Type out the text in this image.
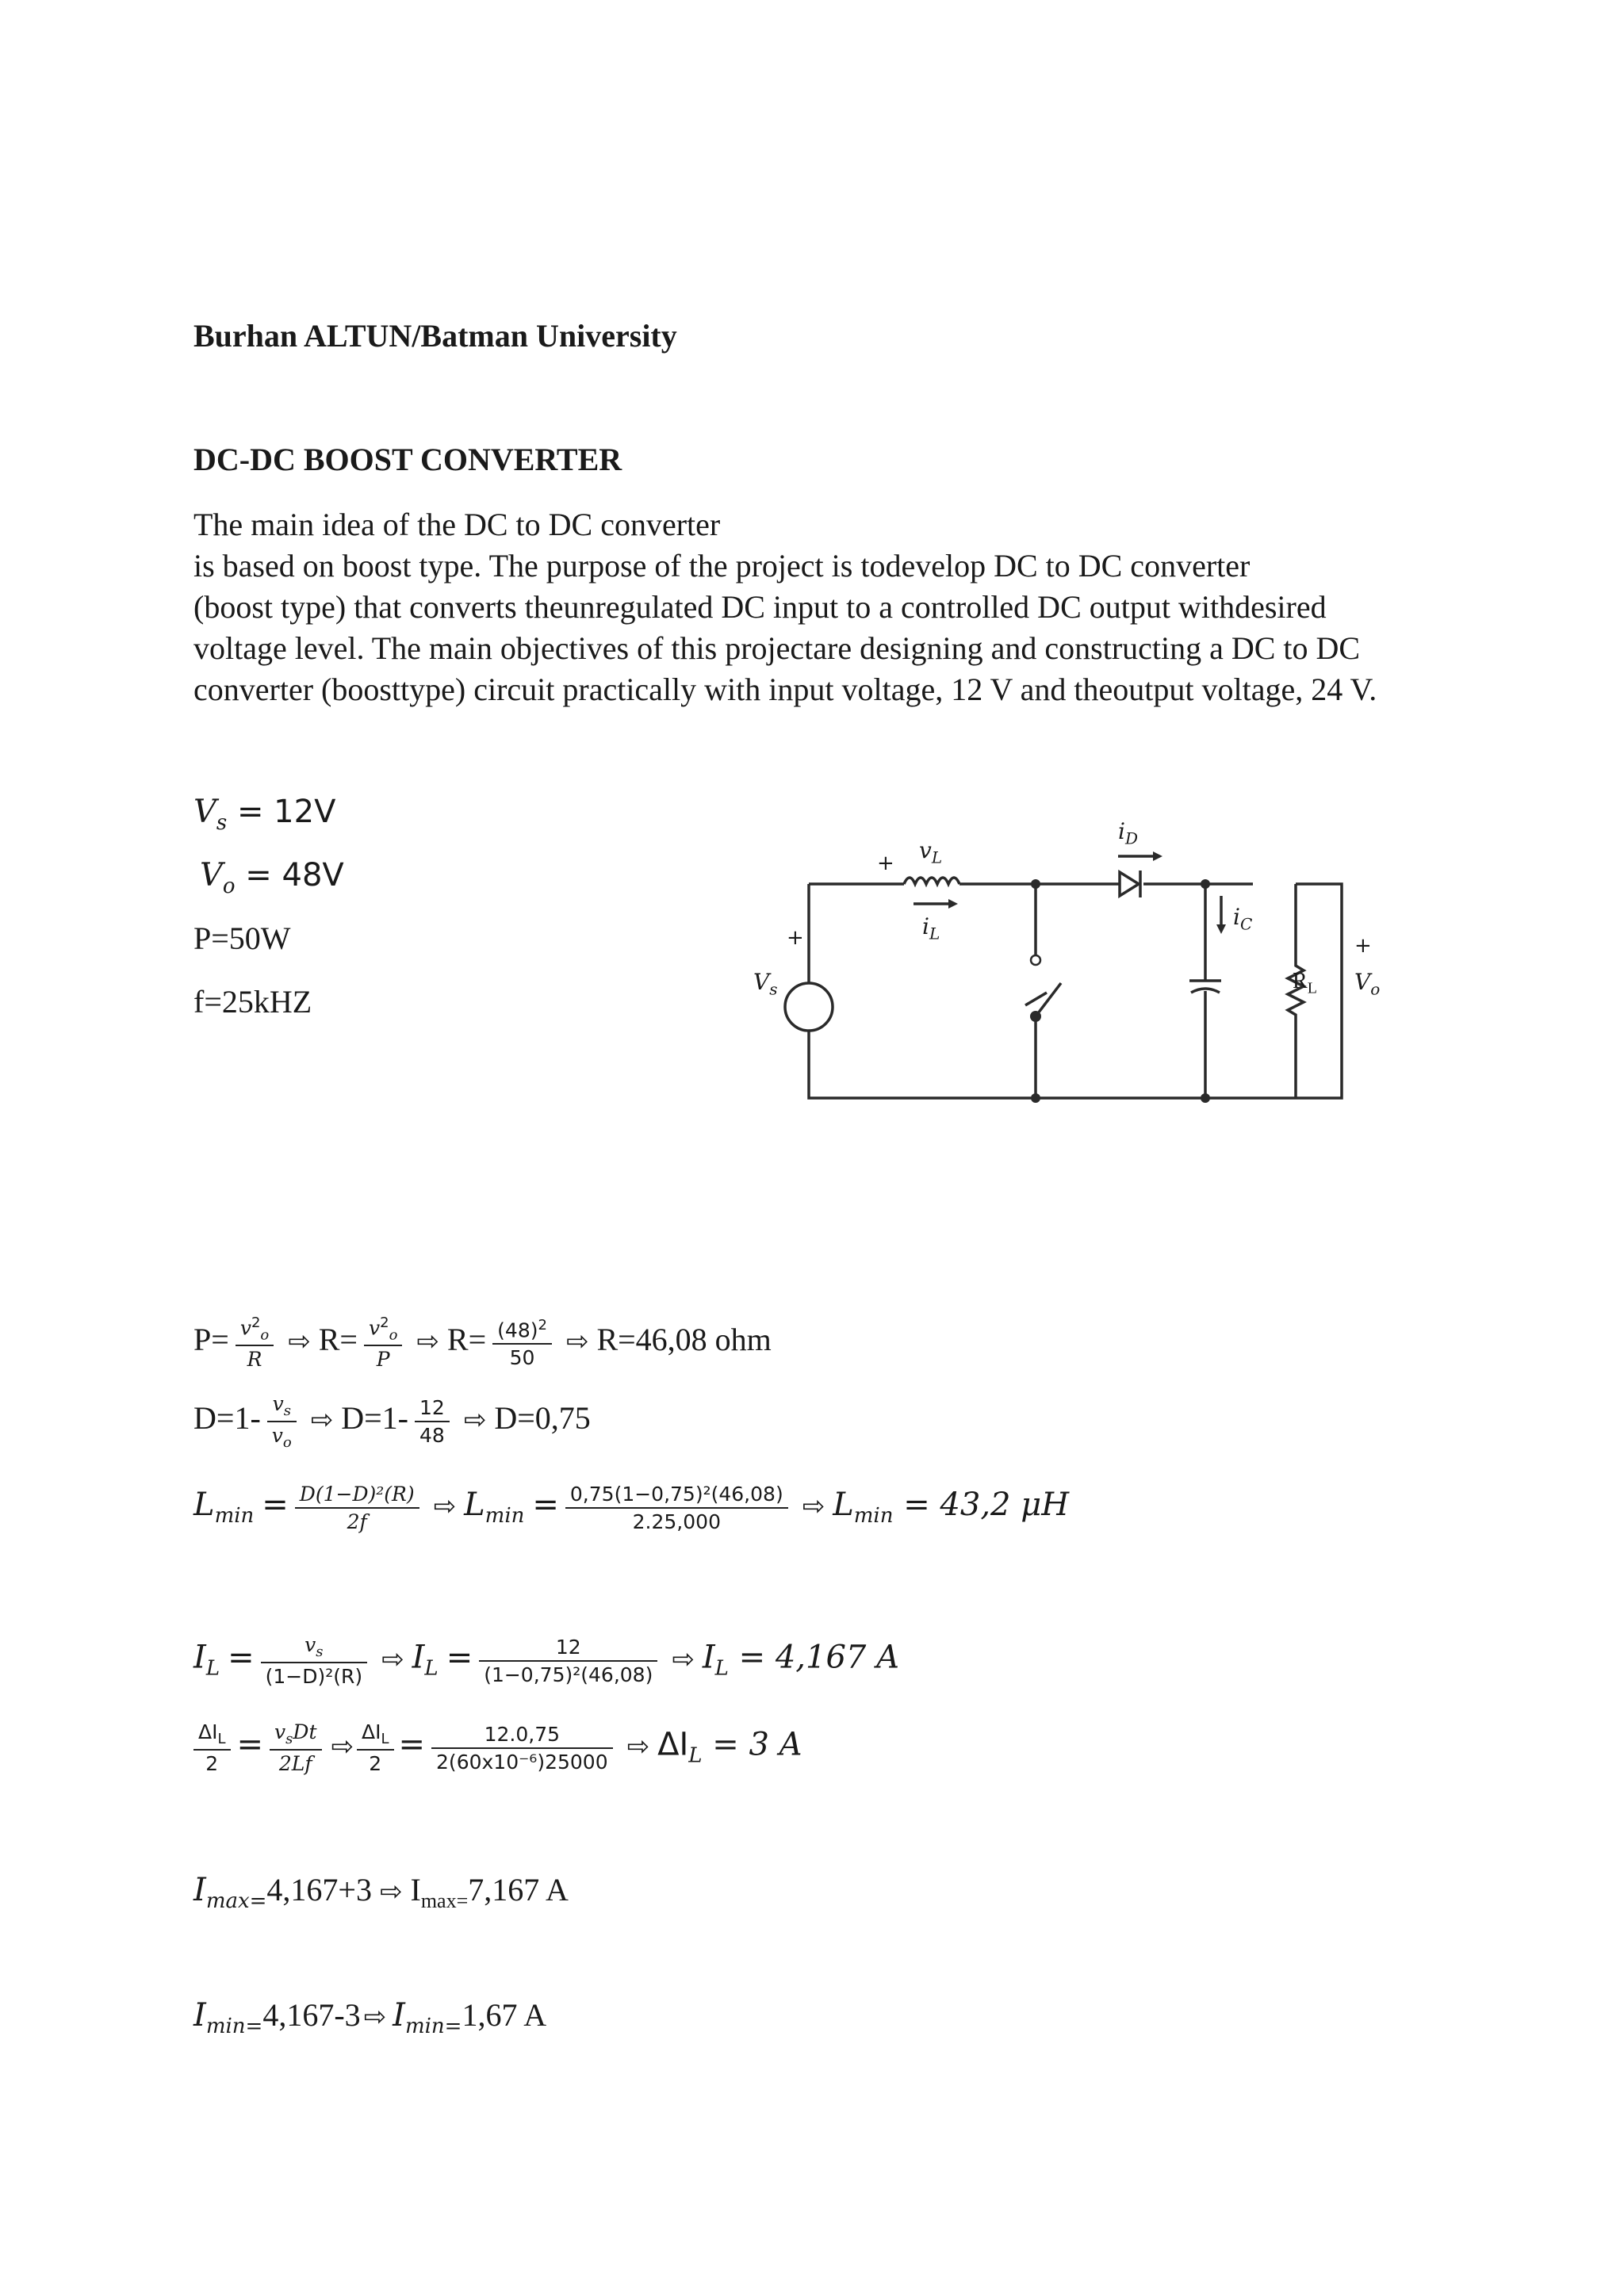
Burhan ALTUN/Batman University
DC-DC BOOST CONVERTER
The main idea of the DC to DC converter
is based on boost type. The purpose of the project is todevelop DC to DC converter
(boost type) that converts theunregulated DC input to a controlled DC output withdesired
voltage level. The main objectives of this projectare designing and constructing a DC to DC
converter (boosttype) circuit practically with input voltage, 12 V and theoutput voltage, 24 V.
$V_s = 12V$
$V_o = 48V$
P=50W
f=25kHZ
$v_L$
+
$i_L$
$i_D$
$i_C$
+
$V_s$	$R_L$
+
$V_o$
$P= \frac{v^2_o}{R}$ ⇨ $R= \frac{v^2_o}{P}$ ⇨ $R= \frac{(48)^2}{50}$ ⇨ R=46,08 ohm
$D=1- \frac{v_s}{v_o}$ ⇨ $D=1- \frac{12}{48}$ ⇨ D=0,75
$L_{min} = \frac{\text{D(1−D)²(R)}}{2f}$ ⇨ $L_{min} = \frac{\text{0,75(1−0,75)²(46,08)}}{2.25,000}$ ⇨ $L_{min} = 43,2$ μH
$I_L = \frac{v_s}{\text{(1−D)²(R)}}$ ⇨ $I_L = \frac{12}{\text{(1−0,75)²(46,08)}}$ ⇨ $I_L = 4,167$ A
$\frac{\Delta I_L}{2} = \frac{v_sDt}{2Lf}$ ⇨ $\frac{\Delta I_L}{2} = \frac{12.0,75}{\text{2(60x10⁻⁶)25000}}$ ⇨ $\Delta I_L = 3$ A
$I_{max=}4,167+3$ ⇨ $I_{max=}7,167$ A
$I_{min=}4,167-3$ ⇨ $I_{min=}1,67$ A
